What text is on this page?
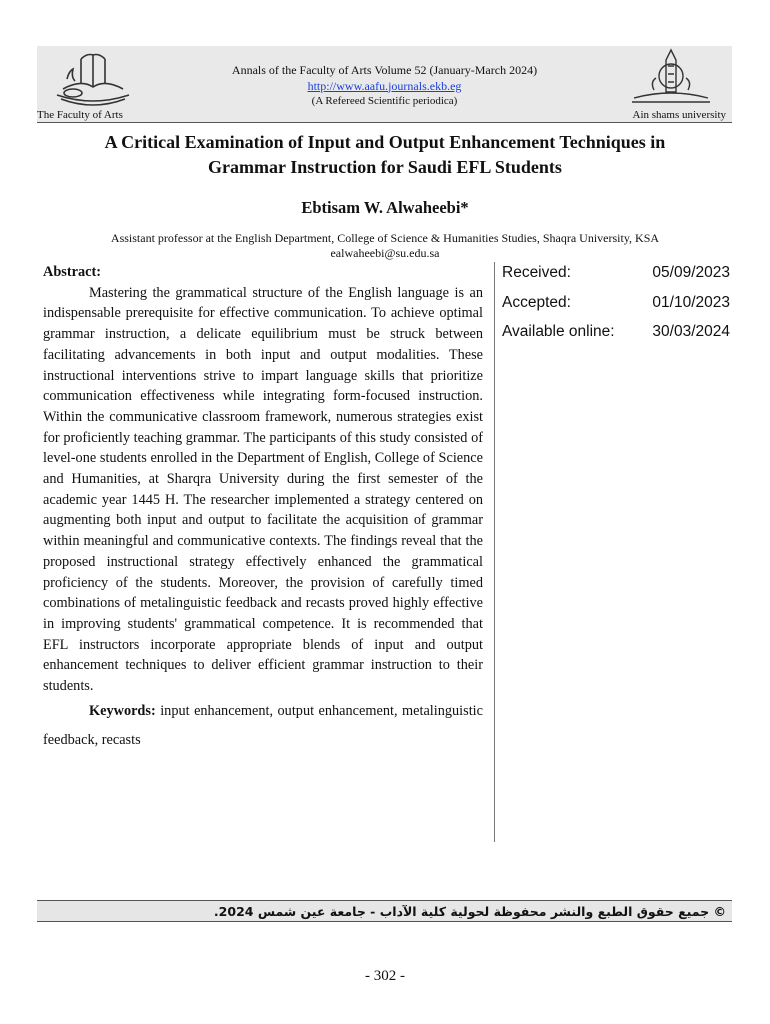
The Faculty of Arts
Annals of the Faculty of Arts Volume 52 (January-March 2024)
http://www.aafu.journals.ekb.eg
(A Refereed Scientific periodica)
Ain shams university
A Critical Examination of Input and Output Enhancement Techniques in
Grammar Instruction for Saudi EFL Students
Ebtisam W. Alwaheebi*
Assistant professor at the English Department, College of Science & Humanities Studies, Shaqra University, KSA
ealwaheebi@su.edu.sa
Abstract:

Mastering the grammatical structure of the English language is an indispensable prerequisite for effective communication. To achieve optimal grammar instruction, a delicate equilibrium must be struck between facilitating advancements in both input and output modalities. These instructional interventions strive to impart language skills that prioritize communication effectiveness while integrating form-focused instruction. Within the communicative classroom framework, numerous strategies exist for proficiently teaching grammar. The participants of this study consisted of level-one students enrolled in the Department of English, College of Science and Humanities, at Sharqra University during the first semester of the academic year 1445 H. The researcher implemented a strategy centered on augmenting both input and output to facilitate the acquisition of grammar within meaningful and communicative contexts. The findings reveal that the proposed instructional strategy effectively enhanced the grammatical proficiency of the students. Moreover, the provision of carefully timed combinations of metalinguistic feedback and recasts proved highly effective in improving students' grammatical competence. It is recommended that EFL instructors incorporate appropriate blends of input and output enhancement techniques to deliver efficient grammar instruction to their students.

Keywords: input enhancement, output enhancement, metalinguistic feedback, recasts

Received:	05/09/2023
Accepted:	01/10/2023
Available online: 30/03/2024
© جميع حقوق الطبع والنشر محفوظة لحولية كلية الآداب - جامعة عين شمس 2024.
- 302 -
